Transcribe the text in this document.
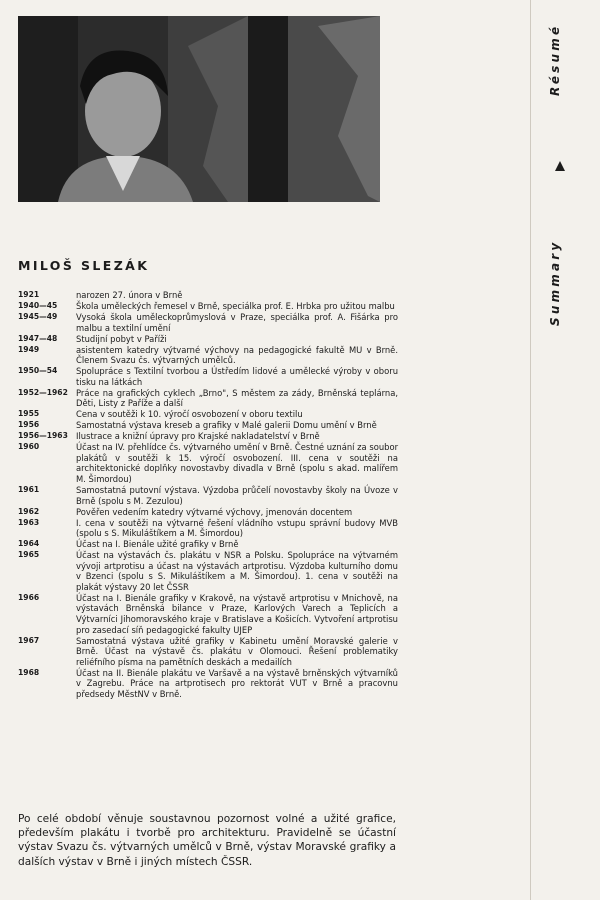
MILOŠ SLEZÁK
1921	narozen 27. února v Brně
1940—45	Škola uměleckých řemesel v Brně, speciálka prof. E. Hrbka pro užitou malbu
1945—49	Vysoká škola uměleckoprůmyslová v Praze, speciálka prof. A. Fišárka pro malbu a textilní umění
1947—48	Studijní pobyt v Paříži
1949	asistentem katedry výtvarné výchovy na pedagogické fakultě MU v Brně. Členem Svazu čs. výtvarných umělců.
1950—54	Spolupráce s Textilní tvorbou a Ústředím lidové a umělecké výroby v oboru tisku na látkách
1952—1962 Práce na grafických cyklech „Brno", S městem za zády, Brněnská teplárna, Děti, Listy z Paříže a další
1955	Cena v soutěži k 10. výročí osvobození v oboru textilu
1956	Samostatná výstava kreseb a grafiky v Malé galerii Domu umění v Brně
1956—1963 Ilustrace a knižní úpravy pro Krajské nakladatelství v Brně
1960	Účast na IV. přehlídce čs. výtvarného umění v Brně. Čestné uznání za soubor plakátů v soutěži k 15. výročí osvobození. III. cena v soutěži na architektonické doplňky novostavby divadla v Brně (spolu s akad. malířem M. Šimordou)
1961	Samostatná putovní výstava. Výzdoba průčelí novostavby školy na Úvoze v Brně (spolu s M. Zezulou)
1962	Pověřen vedením katedry výtvarné výchovy, jmenován docentem
1963	I. cena v soutěži na výtvarné řešení vládního vstupu správní budovy MVB (spolu s S. Mikuláštíkem a M. Šimordou)
1964	Účast na I. Bienále užité grafiky v Brně
1965	Účast na výstavách čs. plakátu v NSR a Polsku. Spolupráce na výtvarném vývoji artprotisu a účast na výstavách artprotisu. Výzdoba kulturního domu v Bzenci (spolu s S. Mikuláštíkem a M. Šimordou). 1. cena v soutěži na plakát výstavy 20 let ČSSR
1966	Účast na I. Bienále grafiky v Krakově, na výstavě artprotisu v Mnichově, na výstavách Brněnská bilance v Praze, Karlových Varech a Teplicích a Výtvarníci Jihomoravského kraje v Bratislave a Košicích. Vytvoření artprotisu pro zasedací síň pedagogické fakulty UJEP
1967	Samostatná výstava užité grafiky v Kabinetu umění Moravské galerie v Brně. Účast na výstavě čs. plakátu v Olomouci. Řešení problematiky reliéfního písma na pamětních deskách a medailích
1968	Účast na II. Bienále plakátu ve Varšavě a na výstavě brněnských výtvarníků v Zagrebu. Práce na artprotisech pro rektorát VUT v Brně a pracovnu předsedy MěstNV v Brně.
Po celé období věnuje soustavnou pozornost volné a užité grafice, především plakátu i tvorbě pro architekturu. Pravidelně se účastní výstav Svazu čs. výtvarných umělců v Brně, výstav Moravské grafiky a dalších výstav v Brně i jiných místech ČSSR.
Résumé
Summary
